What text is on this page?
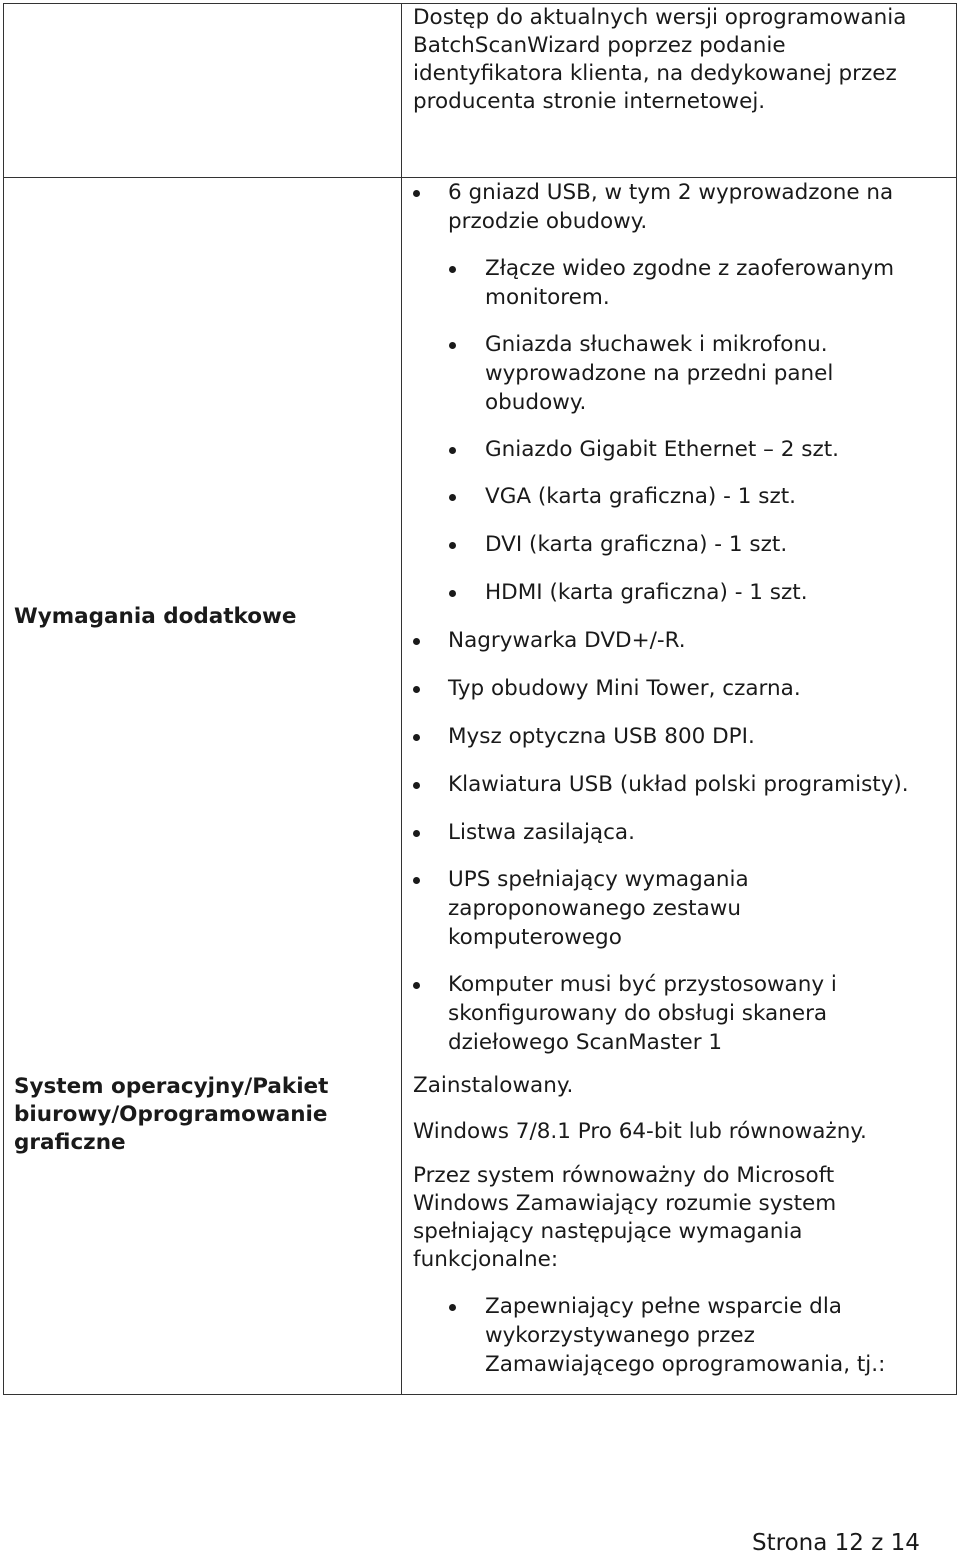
Dostęp do aktualnych wersji oprogramowania
BatchScanWizard poprzez podanie
identyfikatora klienta, na dedykowanej przez
producenta stronie internetowej.
Wymagania dodatkowe
System operacyjny/Pakiet
biurowy/Oprogramowanie
graficzne
6 gniazd USB, w tym 2 wyprowadzone na
przodzie obudowy.
Złącze wideo zgodne z zaoferowanym
monitorem.
Gniazda słuchawek i mikrofonu.
wyprowadzone na przedni panel
obudowy.
Gniazdo Gigabit Ethernet – 2 szt.
VGA (karta graficzna) - 1 szt.
DVI (karta graficzna) - 1 szt.
HDMI (karta graficzna) - 1 szt.
Nagrywarka DVD+/-R.
Typ obudowy Mini Tower, czarna.
Mysz optyczna USB 800 DPI.
Klawiatura USB (układ polski programisty).
Listwa zasilająca.
UPS spełniający wymagania
zaproponowanego zestawu
komputerowego
Komputer musi być przystosowany i
skonfigurowany do obsługi skanera
dziełowego ScanMaster 1
Zainstalowany.
Windows 7/8.1 Pro 64-bit lub równoważny.
Przez system równoważny do Microsoft
Windows Zamawiający rozumie system
spełniający następujące wymagania
funkcjonalne:
Zapewniający pełne wsparcie dla
wykorzystywanego przez
Zamawiającego oprogramowania, tj.:
Strona 12 z 14
